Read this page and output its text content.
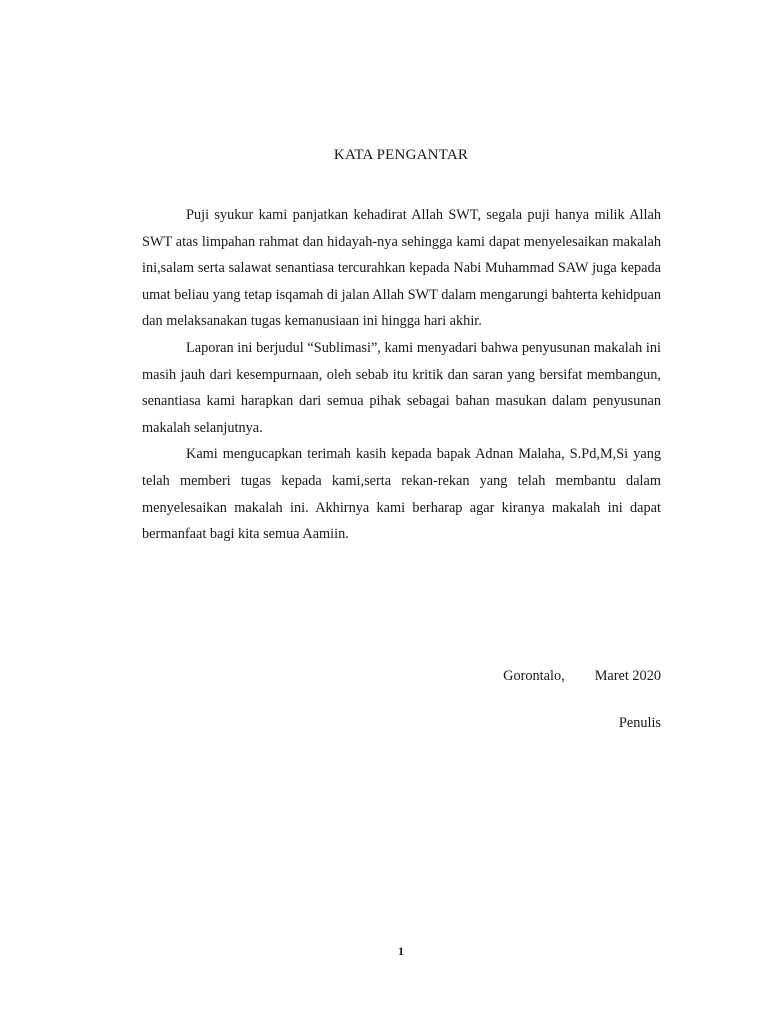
KATA PENGANTAR

Puji syukur kami panjatkan kehadirat Allah SWT, segala puji hanya milik Allah SWT atas limpahan rahmat dan hidayah-nya sehingga kami dapat menyelesaikan makalah ini,salam serta salawat senantiasa tercurahkan kepada Nabi Muhammad SAW juga kepada umat beliau yang tetap isqamah di jalan Allah SWT dalam mengarungi bahterta kehidpuan dan melaksanakan tugas kemanusiaan ini hingga hari akhir.

Laporan ini berjudul “Sublimasi”, kami menyadari bahwa penyusunan makalah ini masih jauh dari kesempurnaan, oleh sebab itu kritik dan saran yang bersifat membangun, senantiasa kami harapkan dari semua pihak sebagai bahan masukan dalam penyusunan makalah selanjutnya.

Kami mengucapkan terimah kasih kepada bapak Adnan Malaha, S.Pd,M,Si yang telah memberi tugas kepada kami,serta rekan-rekan yang telah membantu dalam menyelesaikan makalah ini. Akhirnya kami berharap agar kiranya makalah ini dapat bermanfaat bagi kita semua Aamiin.

Gorontalo, Maret 2020
Penulis
1
